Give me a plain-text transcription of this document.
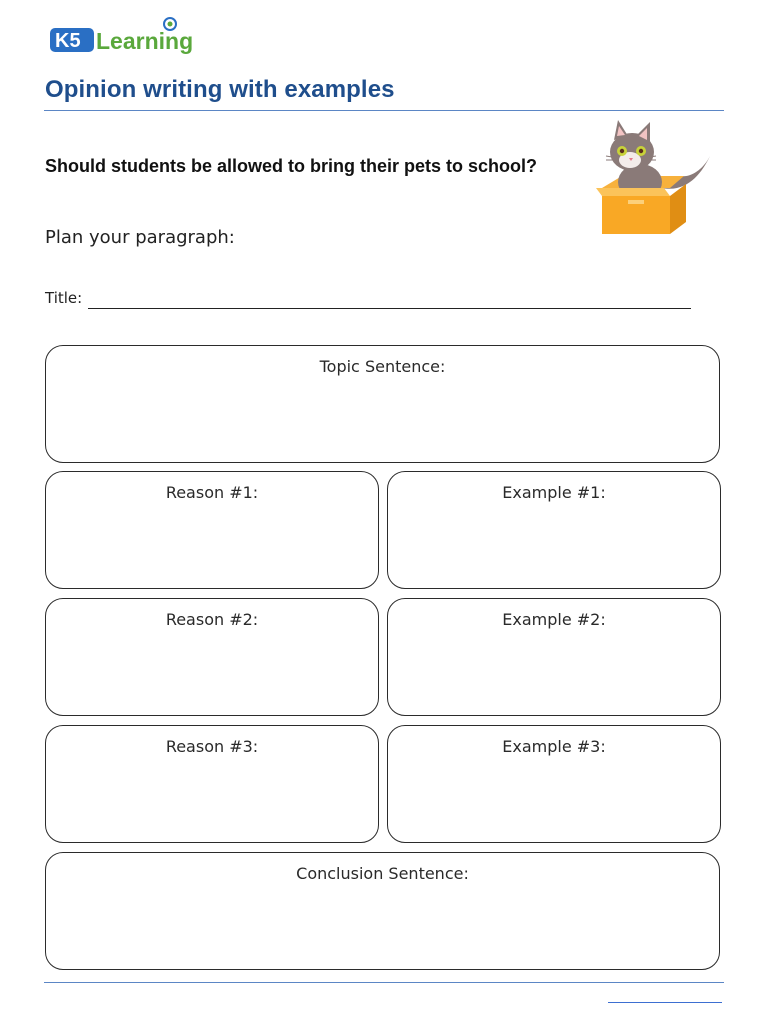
K5 Learning
Opinion writing with examples

Should students be allowed to bring their pets to school?

Plan your paragraph:
Title:
Topic Sentence:
Reason #1:	Example #1:
Reason #2:	Example #2:
Reason #3:	Example #3:
Conclusion Sentence:
